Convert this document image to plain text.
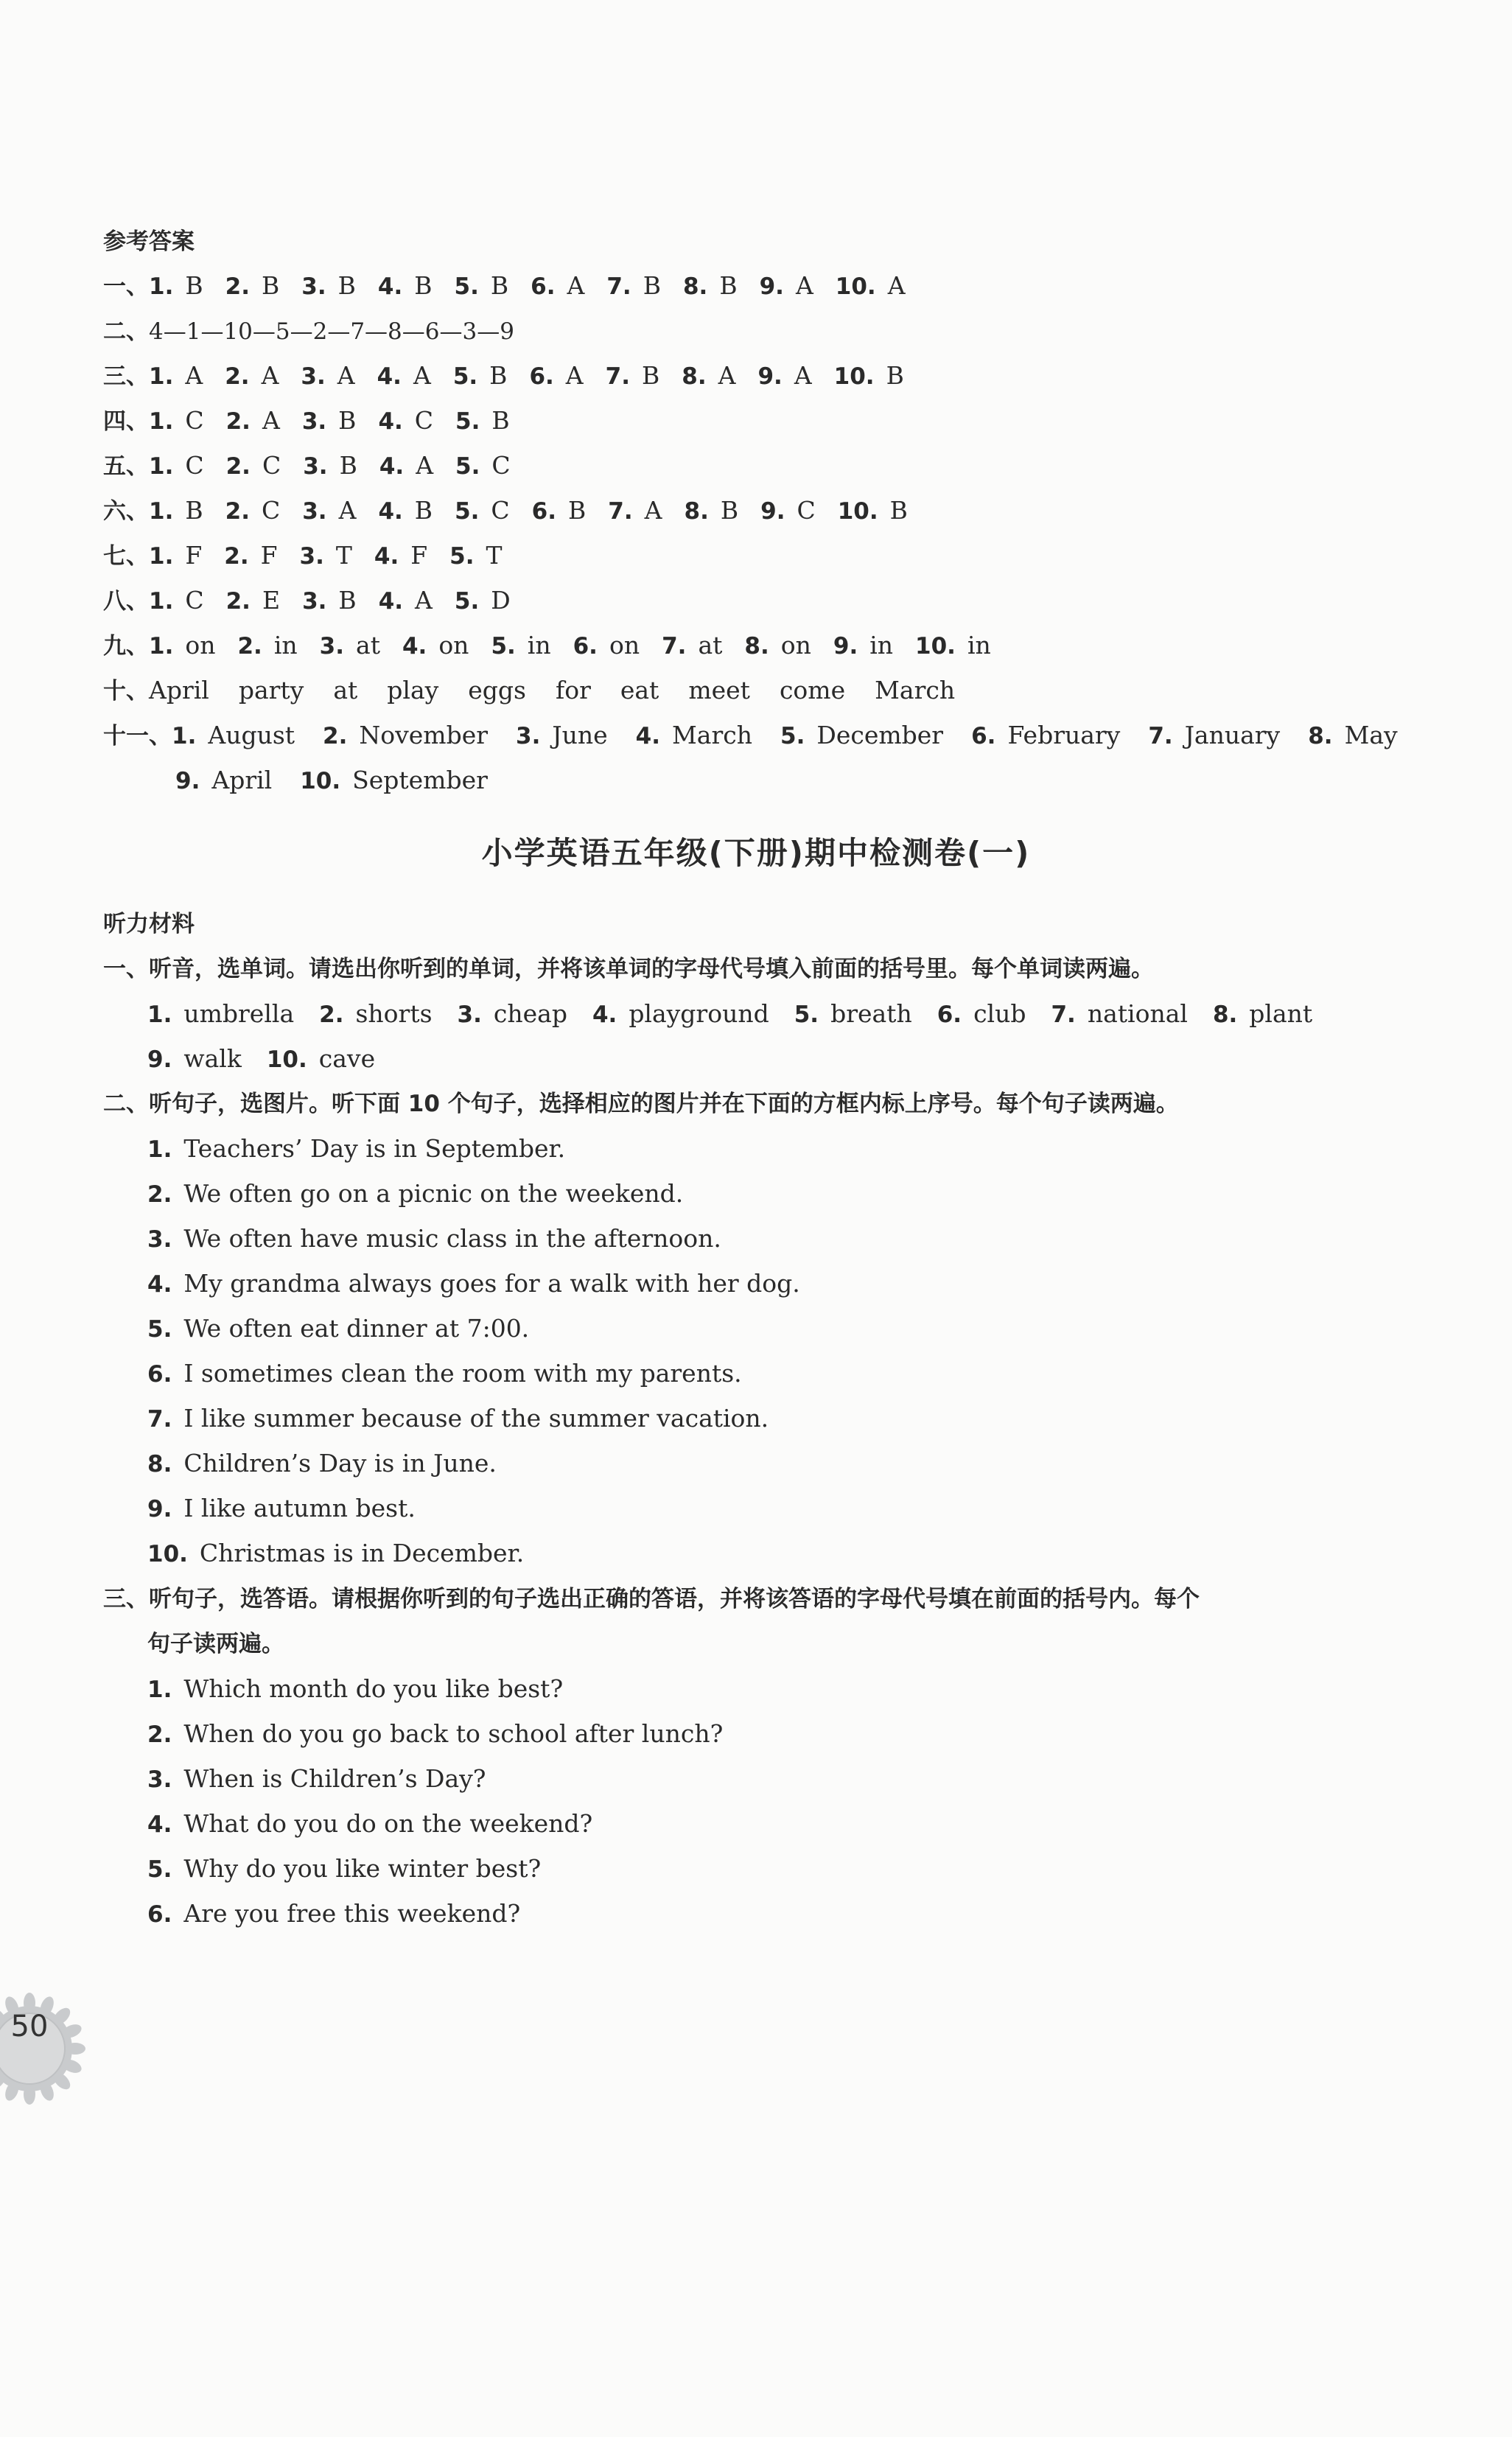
参考答案
一、1. B 2. B 3. B 4. B 5. B 6. A 7. B 8. B 9. A 10. A
二、4—1—10—5—2—7—8—6—3—9
三、1. A 2. A 3. A 4. A 5. B 6. A 7. B 8. A 9. A 10. B
四、1. C 2. A 3. B 4. C 5. B
五、1. C 2. C 3. B 4. A 5. C
六、1. B 2. C 3. A 4. B 5. C 6. B 7. A 8. B 9. C 10. B
七、1. F 2. F 3. T 4. F 5. T
八、1. C 2. E 3. B 4. A 5. D
九、1. on 2. in 3. at 4. on 5. in 6. on 7. at 8. on 9. in 10. in
十、April party at play eggs for eat meet come March
十一、1. August 2. November 3. June 4. March 5. December 6. February 7. January 8. May
9. April 10. September
小学英语五年级(下册)期中检测卷(一)
听力材料
一、听音，选单词。请选出你听到的单词，并将该单词的字母代号填入前面的括号里。每个单词读两遍。
1. umbrella 2. shorts 3. cheap 4. playground 5. breath 6. club 7. national 8. plant
9. walk 10. cave
二、听句子，选图片。听下面 10 个句子，选择相应的图片并在下面的方框内标上序号。每个句子读两遍。
1. Teachers’ Day is in September.
2. We often go on a picnic on the weekend.
3. We often have music class in the afternoon.
4. My grandma always goes for a walk with her dog.
5. We often eat dinner at 7:00.
6. I sometimes clean the room with my parents.
7. I like summer because of the summer vacation.
8. Children’s Day is in June.
9. I like autumn best.
10. Christmas is in December.
三、听句子，选答语。请根据你听到的句子选出正确的答语，并将该答语的字母代号填在前面的括号内。每个
句子读两遍。
1. Which month do you like best?
2. When do you go back to school after lunch?
3. When is Children’s Day?
4. What do you do on the weekend?
5. Why do you like winter best?
6. Are you free this weekend?
50
